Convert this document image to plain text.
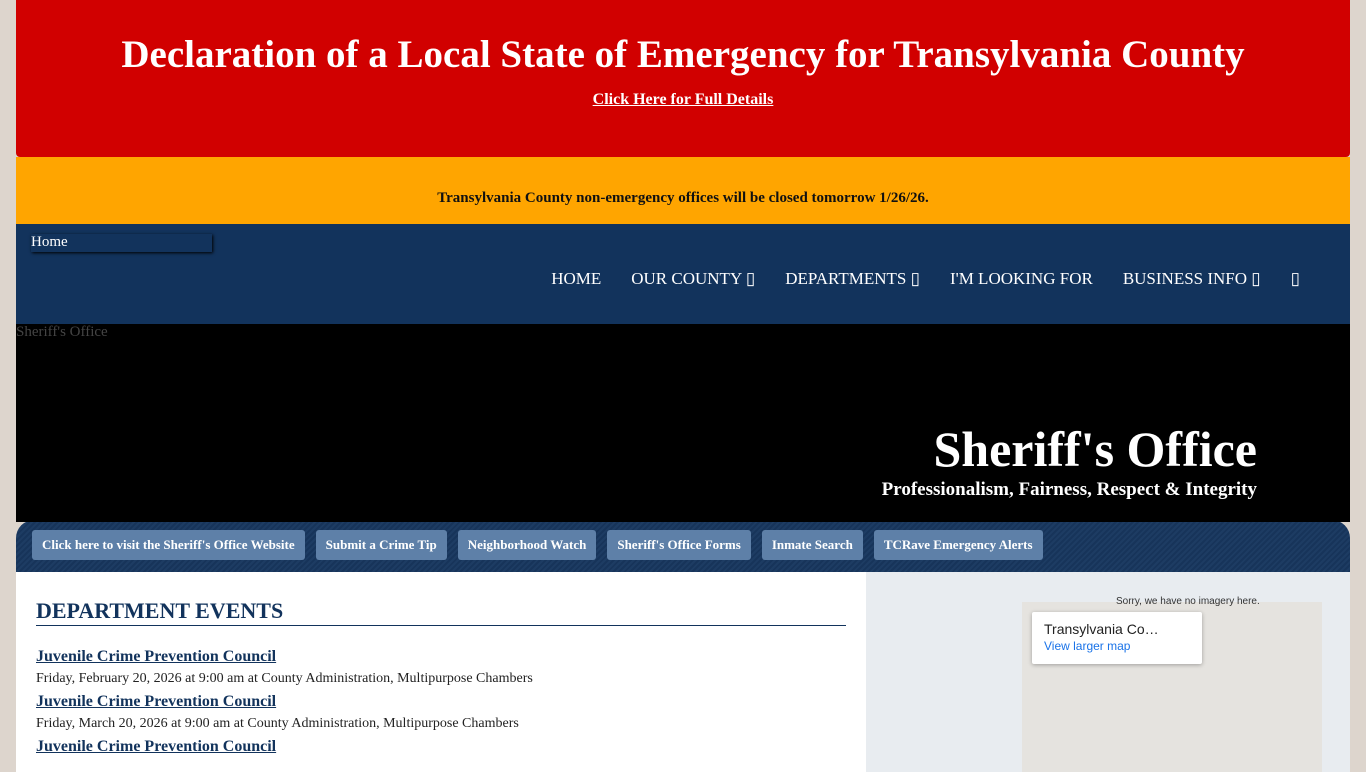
Declaration of a Local State of Emergency for Transylvania County
Click Here for Full Details
Transylvania County non-emergency offices will be closed tomorrow 1/26/26.
Home
HOME OUR COUNTY ▯ DEPARTMENTS ▯ I'M LOOKING FOR BUSINESS INFO ▯ ▯
Sheriff's Office
Sheriff's Office

Professionalism, Fairness, Respect & Integrity

Click here to visit the Sheriff's Office Website	Submit a Crime Tip	Neighborhood Watch	Sheriff's Office Forms	Inmate Search	TCRave Emergency Alerts
DEPARTMENT EVENTS
Juvenile Crime Prevention Council

Friday, February 20, 2026 at 9:00 am at County Administration, Multipurpose Chambers

Juvenile Crime Prevention Council

Friday, March 20, 2026 at 9:00 am at County Administration, Multipurpose Chambers

Juvenile Crime Prevention Council
Sorry, we have no imagery here.
Transylvania Co…
View larger map
